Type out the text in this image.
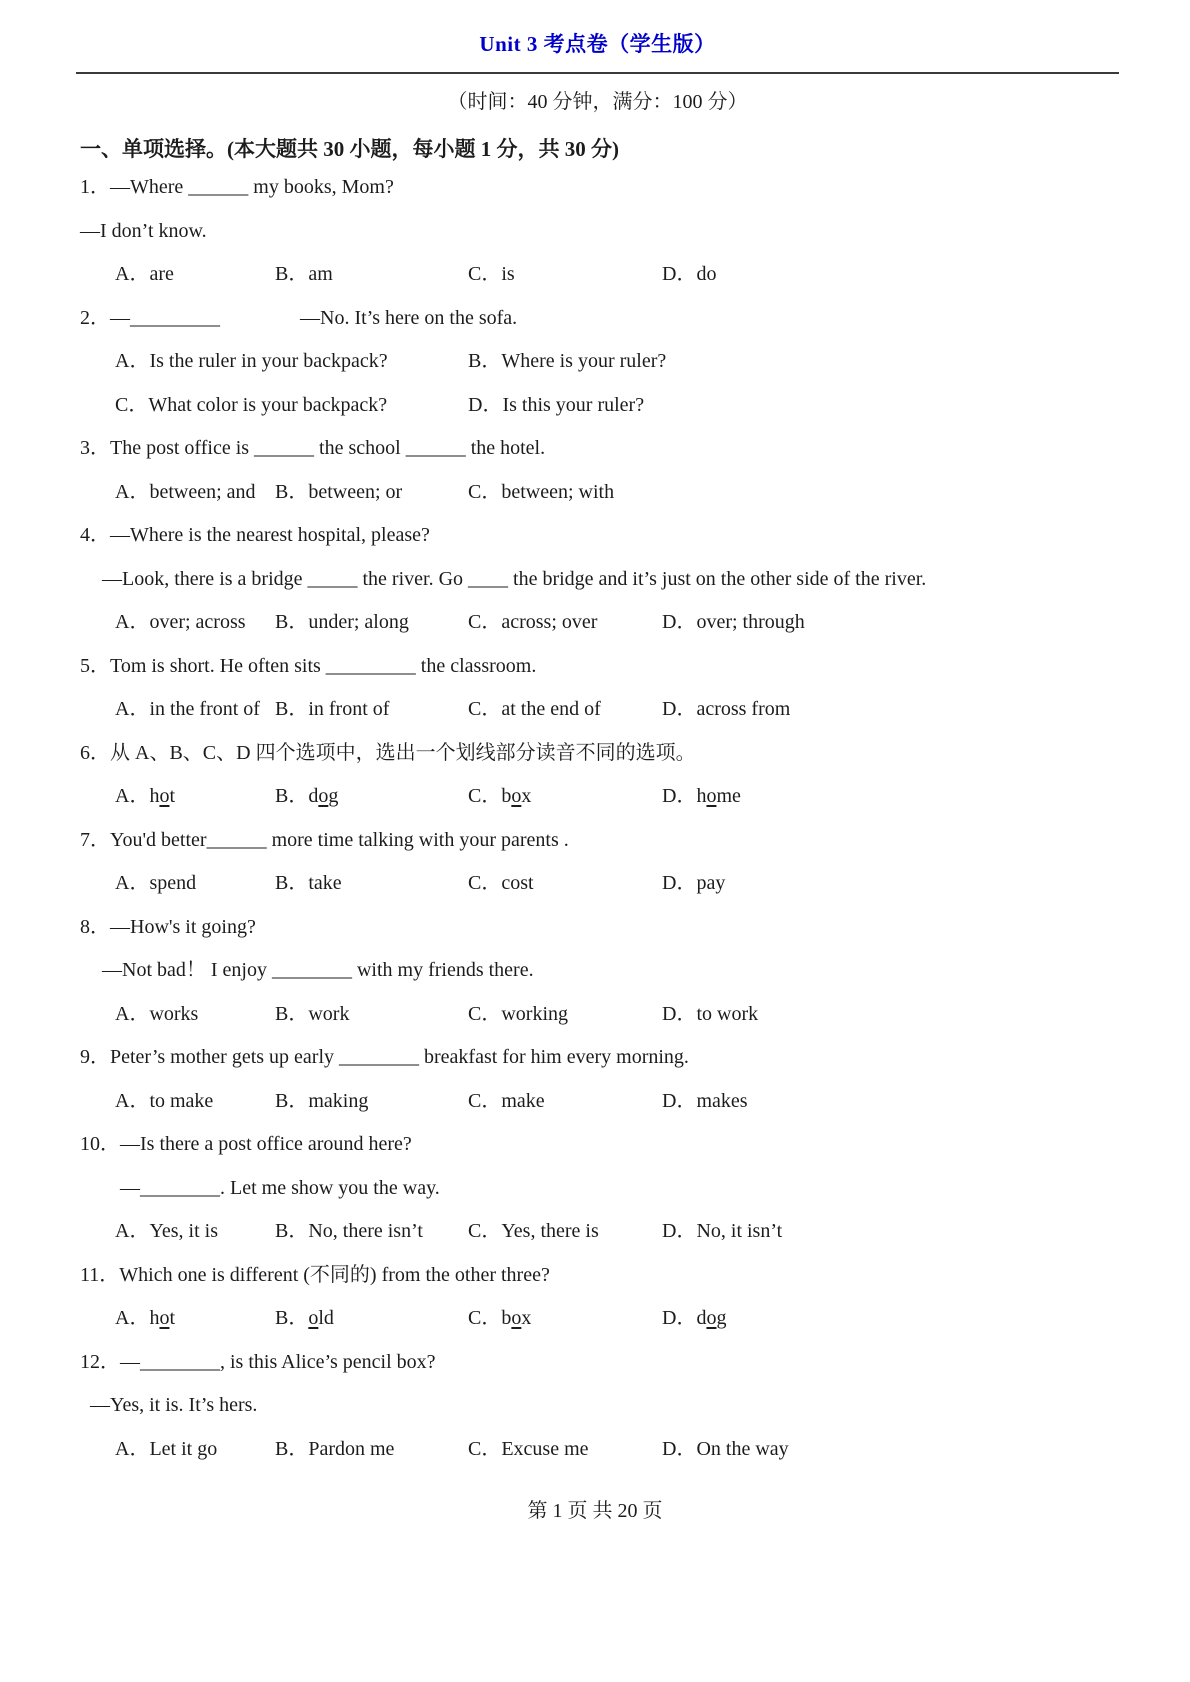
Unit 3 考点卷（学生版）

（时间：40 分钟，满分：100 分）

一、单项选择。(本大题共 30 小题，每小题 1 分，共 30 分)

1．—Where ______ my books, Mom?

—I don’t know.

A．are	B．am	C．is	D．do

2．—_________　　　　—No. It’s here on the sofa.

A．Is the ruler in your backpack?	B．Where is your ruler?
C．What color is your backpack?	D．Is this your ruler?

3．The post office is ______ the school ______ the hotel.

A．between; and B．between; or	C．between; with

4．—Where is the nearest hospital, please?

—Look, there is a bridge _____ the river. Go ____ the bridge and it’s just on the other side of the river.

A．over; across	B．under; along	C．across; over	D．over; through

5．Tom is short. He often sits _________ the classroom.

A．in the front of B．in front of	C．at the end of	D．across from

6．从 A、B、C、D 四个选项中，选出一个划线部分读音不同的选项。

A．hot	B．dog	C．box	D．home

7．You'd better______ more time talking with your parents .

A．spend	B．take	C．cost	D．pay

8．—How's it going?

—Not bad！ I enjoy ________ with my friends there.

A．works	B．work	C．working	D．to work

9．Peter’s mother gets up early ________ breakfast for him every morning.

A．to make	B．making	C．make	D．makes

10．—Is there a post office around here?

—________. Let me show you the way.

A．Yes, it is	B．No, there isn’t	C．Yes, there is	D．No, it isn’t

11．Which one is different (不同的) from the other three?

A．hot	B．old	C．box	D．dog

12．—________, is this Alice’s pencil box?

—Yes, it is. It’s hers.

A．Let it go	B．Pardon me	C．Excuse me	D．On the way
第 1 页 共 20 页
